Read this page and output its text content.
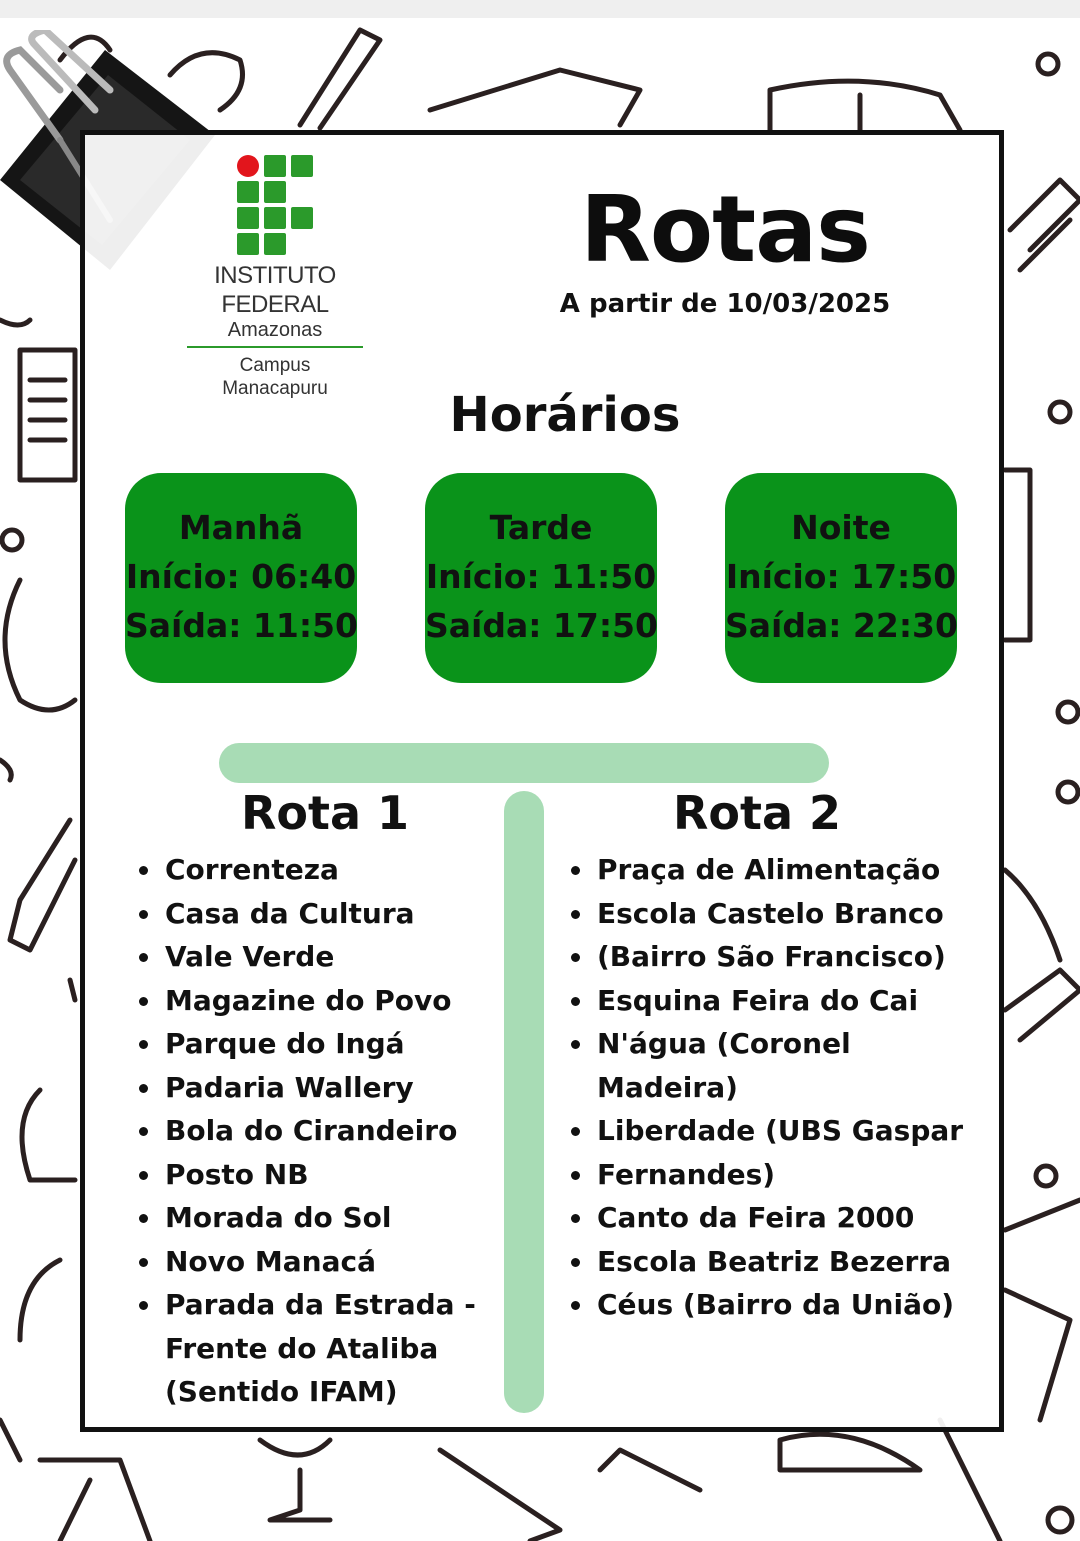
INSTITUTO
FEDERAL
Amazonas
Campus
Manacapuru
Rotas
A partir de 10/03/2025
Horários
Manhã
Início: 06:40
Saída: 11:50
Tarde
Início: 11:50
Saída: 17:50
Noite
Início: 17:50
Saída: 22:30
Rota 1	Rota 2
Correnteza
Casa da Cultura
Vale Verde
Magazine do Povo
Parque do Ingá
Padaria Wallery
Bola do Cirandeiro
Posto NB
Morada do Sol
Novo Manacá
Parada da Estrada -
Frente do Ataliba
(Sentido IFAM)
Praça de Alimentação
Escola Castelo Branco
(Bairro São Francisco)
Esquina Feira do Cai
N'água (Coronel
Madeira)
Liberdade (UBS Gaspar
Fernandes)
Canto da Feira 2000
Escola Beatriz Bezerra
Céus (Bairro da União)
